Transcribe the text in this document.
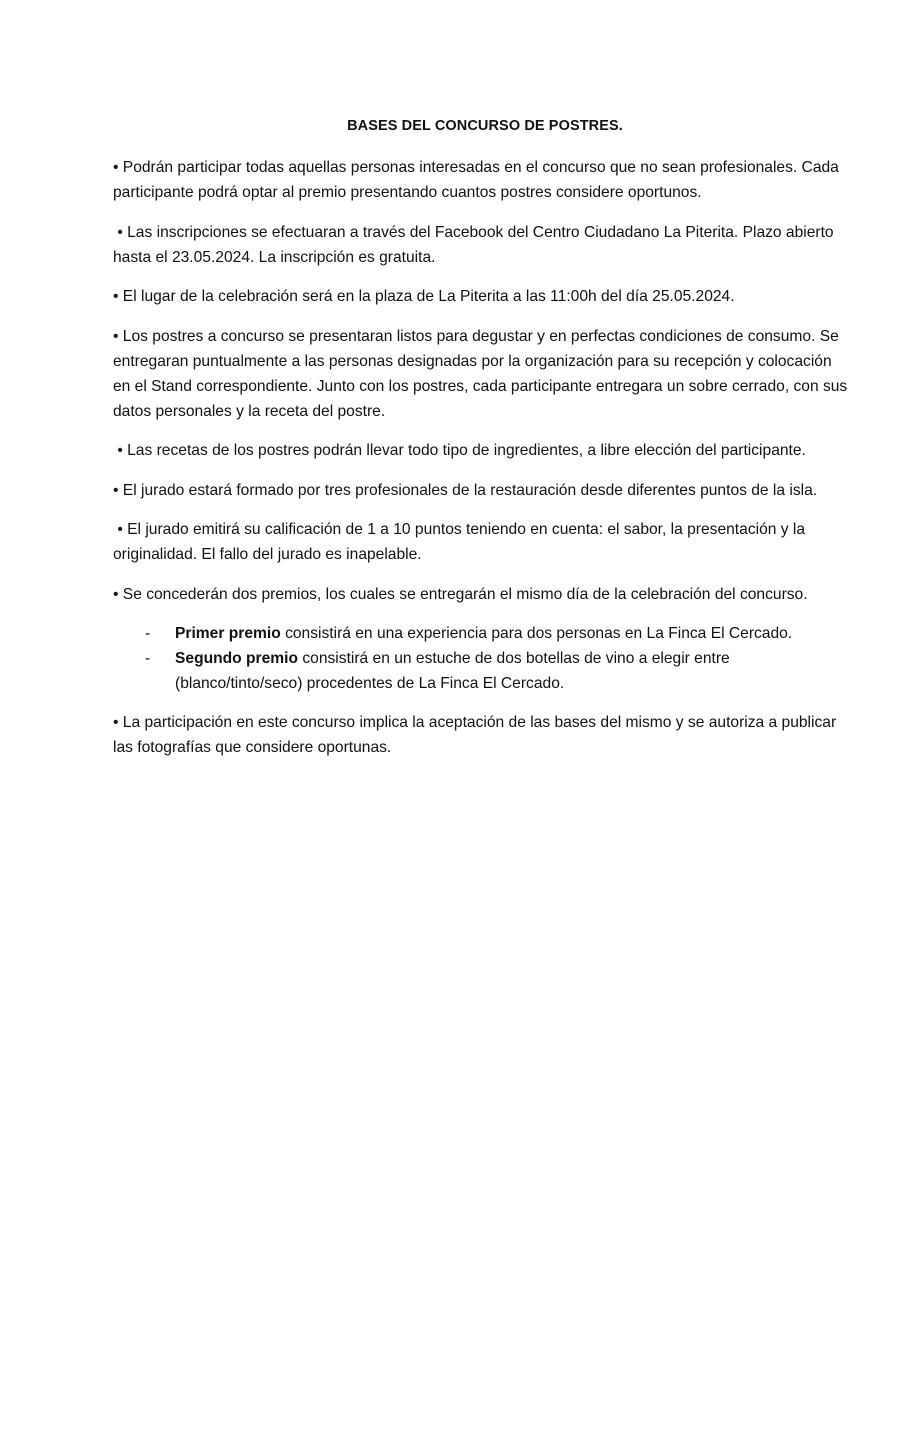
BASES DEL CONCURSO DE POSTRES.

• Podrán participar todas aquellas personas interesadas en el concurso que no sean profesionales. Cada participante podrá optar al premio presentando cuantos postres considere oportunos.

• Las inscripciones se efectuaran a través del Facebook del Centro Ciudadano La Piterita. Plazo abierto hasta el 23.05.2024. La inscripción es gratuita.

• El lugar de la celebración será en la plaza de La Piterita a las 11:00h del día 25.05.2024.

• Los postres a concurso se presentaran listos para degustar y en perfectas condiciones de consumo. Se entregaran puntualmente a las personas designadas por la organización para su recepción y colocación en el Stand correspondiente. Junto con los postres, cada participante entregara un sobre cerrado, con sus datos personales y la receta del postre.

• Las recetas de los postres podrán llevar todo tipo de ingredientes, a libre elección del participante.

• El jurado estará formado por tres profesionales de la restauración desde diferentes puntos de la isla.

• El jurado emitirá su calificación de 1 a 10 puntos teniendo en cuenta: el sabor, la presentación y la originalidad. El fallo del jurado es inapelable.

• Se concederán dos premios, los cuales se entregarán el mismo día de la celebración del concurso.

- Primer premio consistirá en una experiencia para dos personas en La Finca El Cercado.
- Segundo premio consistirá en un estuche de dos botellas de vino a elegir entre (blanco/tinto/seco) procedentes de La Finca El Cercado.

• La participación en este concurso implica la aceptación de las bases del mismo y se autoriza a publicar las fotografías que considere oportunas.
